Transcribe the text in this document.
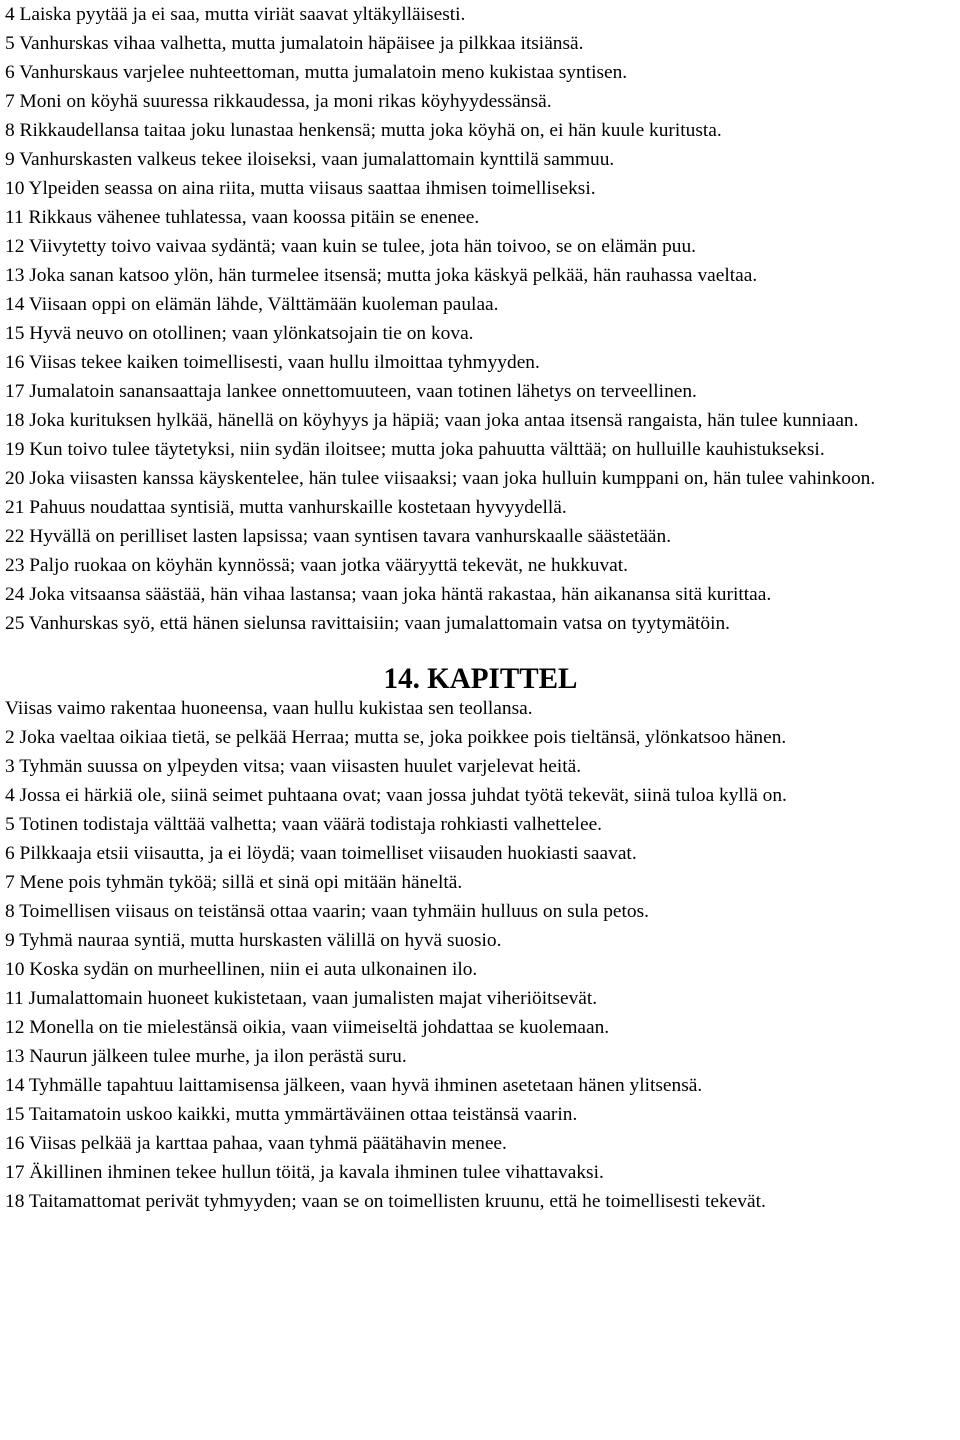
4 Laiska pyytää ja ei saa, mutta viriät saavat yltäkylläisesti.

5 Vanhurskas vihaa valhetta, mutta jumalatoin häpäisee ja pilkkaa itsiänsä.

6 Vanhurskaus varjelee nuhteettoman, mutta jumalatoin meno kukistaa syntisen.

7 Moni on köyhä suuressa rikkaudessa, ja moni rikas köyhyydessänsä.

8 Rikkaudellansa taitaa joku lunastaa henkensä; mutta joka köyhä on, ei hän kuule kuritusta.

9 Vanhurskasten valkeus tekee iloiseksi, vaan jumalattomain kynttilä sammuu.

10 Ylpeiden seassa on aina riita, mutta viisaus saattaa ihmisen toimelliseksi.

11 Rikkaus vähenee tuhlatessa, vaan koossa pitäin se enenee.

12 Viivytetty toivo vaivaa sydäntä; vaan kuin se tulee, jota hän toivoo, se on elämän puu.

13 Joka sanan katsoo ylön, hän turmelee itsensä; mutta joka käskyä pelkää, hän rauhassa vaeltaa.

14 Viisaan oppi on elämän lähde, Välttämään kuoleman paulaa.

15 Hyvä neuvo on otollinen; vaan ylönkatsojain tie on kova.

16 Viisas tekee kaiken toimellisesti, vaan hullu ilmoittaa tyhmyyden.

17 Jumalatoin sanansaattaja lankee onnettomuuteen, vaan totinen lähetys on terveellinen.

18 Joka kurituksen hylkää, hänellä on köyhyys ja häpiä; vaan joka antaa itsensä rangaista, hän tulee kunniaan.

19 Kun toivo tulee täytetyksi, niin sydän iloitsee; mutta joka pahuutta välttää; on hulluille kauhistukseksi.

20 Joka viisasten kanssa käyskentelee, hän tulee viisaaksi; vaan joka hulluin kumppani on, hän tulee vahinkoon.

21 Pahuus noudattaa syntisiä, mutta vanhurskaille kostetaan hyvyydellä.

22 Hyvällä on perilliset lasten lapsissa; vaan syntisen tavara vanhurskaalle säästetään.

23 Paljo ruokaa on köyhän kynnössä; vaan jotka vääryyttä tekevät, ne hukkuvat.

24 Joka vitsaansa säästää, hän vihaa lastansa; vaan joka häntä rakastaa, hän aikanansa sitä kurittaa.

25 Vanhurskas syö, että hänen sielunsa ravittaisiin; vaan jumalattomain vatsa on tyytymätöin.

14. KAPITTEL

Viisas vaimo rakentaa huoneensa, vaan hullu kukistaa sen teollansa.

2 Joka vaeltaa oikiaa tietä, se pelkää Herraa; mutta se, joka poikkee pois tieltänsä, ylönkatsoo hänen.

3 Tyhmän suussa on ylpeyden vitsa; vaan viisasten huulet varjelevat heitä.

4 Jossa ei härkiä ole, siinä seimet puhtaana ovat; vaan jossa juhdat työtä tekevät, siinä tuloa kyllä on.

5 Totinen todistaja välttää valhetta; vaan väärä todistaja rohkiasti valhettelee.

6 Pilkkaaja etsii viisautta, ja ei löydä; vaan toimelliset viisauden huokiasti saavat.

7 Mene pois tyhmän tyköä; sillä et sinä opi mitään häneltä.

8 Toimellisen viisaus on teistänsä ottaa vaarin; vaan tyhmäin hulluus on sula petos.

9 Tyhmä nauraa syntiä, mutta hurskasten välillä on hyvä suosio.

10 Koska sydän on murheellinen, niin ei auta ulkonainen ilo.

11 Jumalattomain huoneet kukistetaan, vaan jumalisten majat viheriöitsevät.

12 Monella on tie mielestänsä oikia, vaan viimeiseltä johdattaa se kuolemaan.

13 Naurun jälkeen tulee murhe, ja ilon perästä suru.

14 Tyhmälle tapahtuu laittamisensa jälkeen, vaan hyvä ihminen asetetaan hänen ylitsensä.

15 Taitamatoin uskoo kaikki, mutta ymmärtäväinen ottaa teistänsä vaarin.

16 Viisas pelkää ja karttaa pahaa, vaan tyhmä päätähavin menee.

17 Äkillinen ihminen tekee hullun töitä, ja kavala ihminen tulee vihattavaksi.

18 Taitamattomat perivät tyhmyyden; vaan se on toimellisten kruunu, että he toimellisesti tekevät.
